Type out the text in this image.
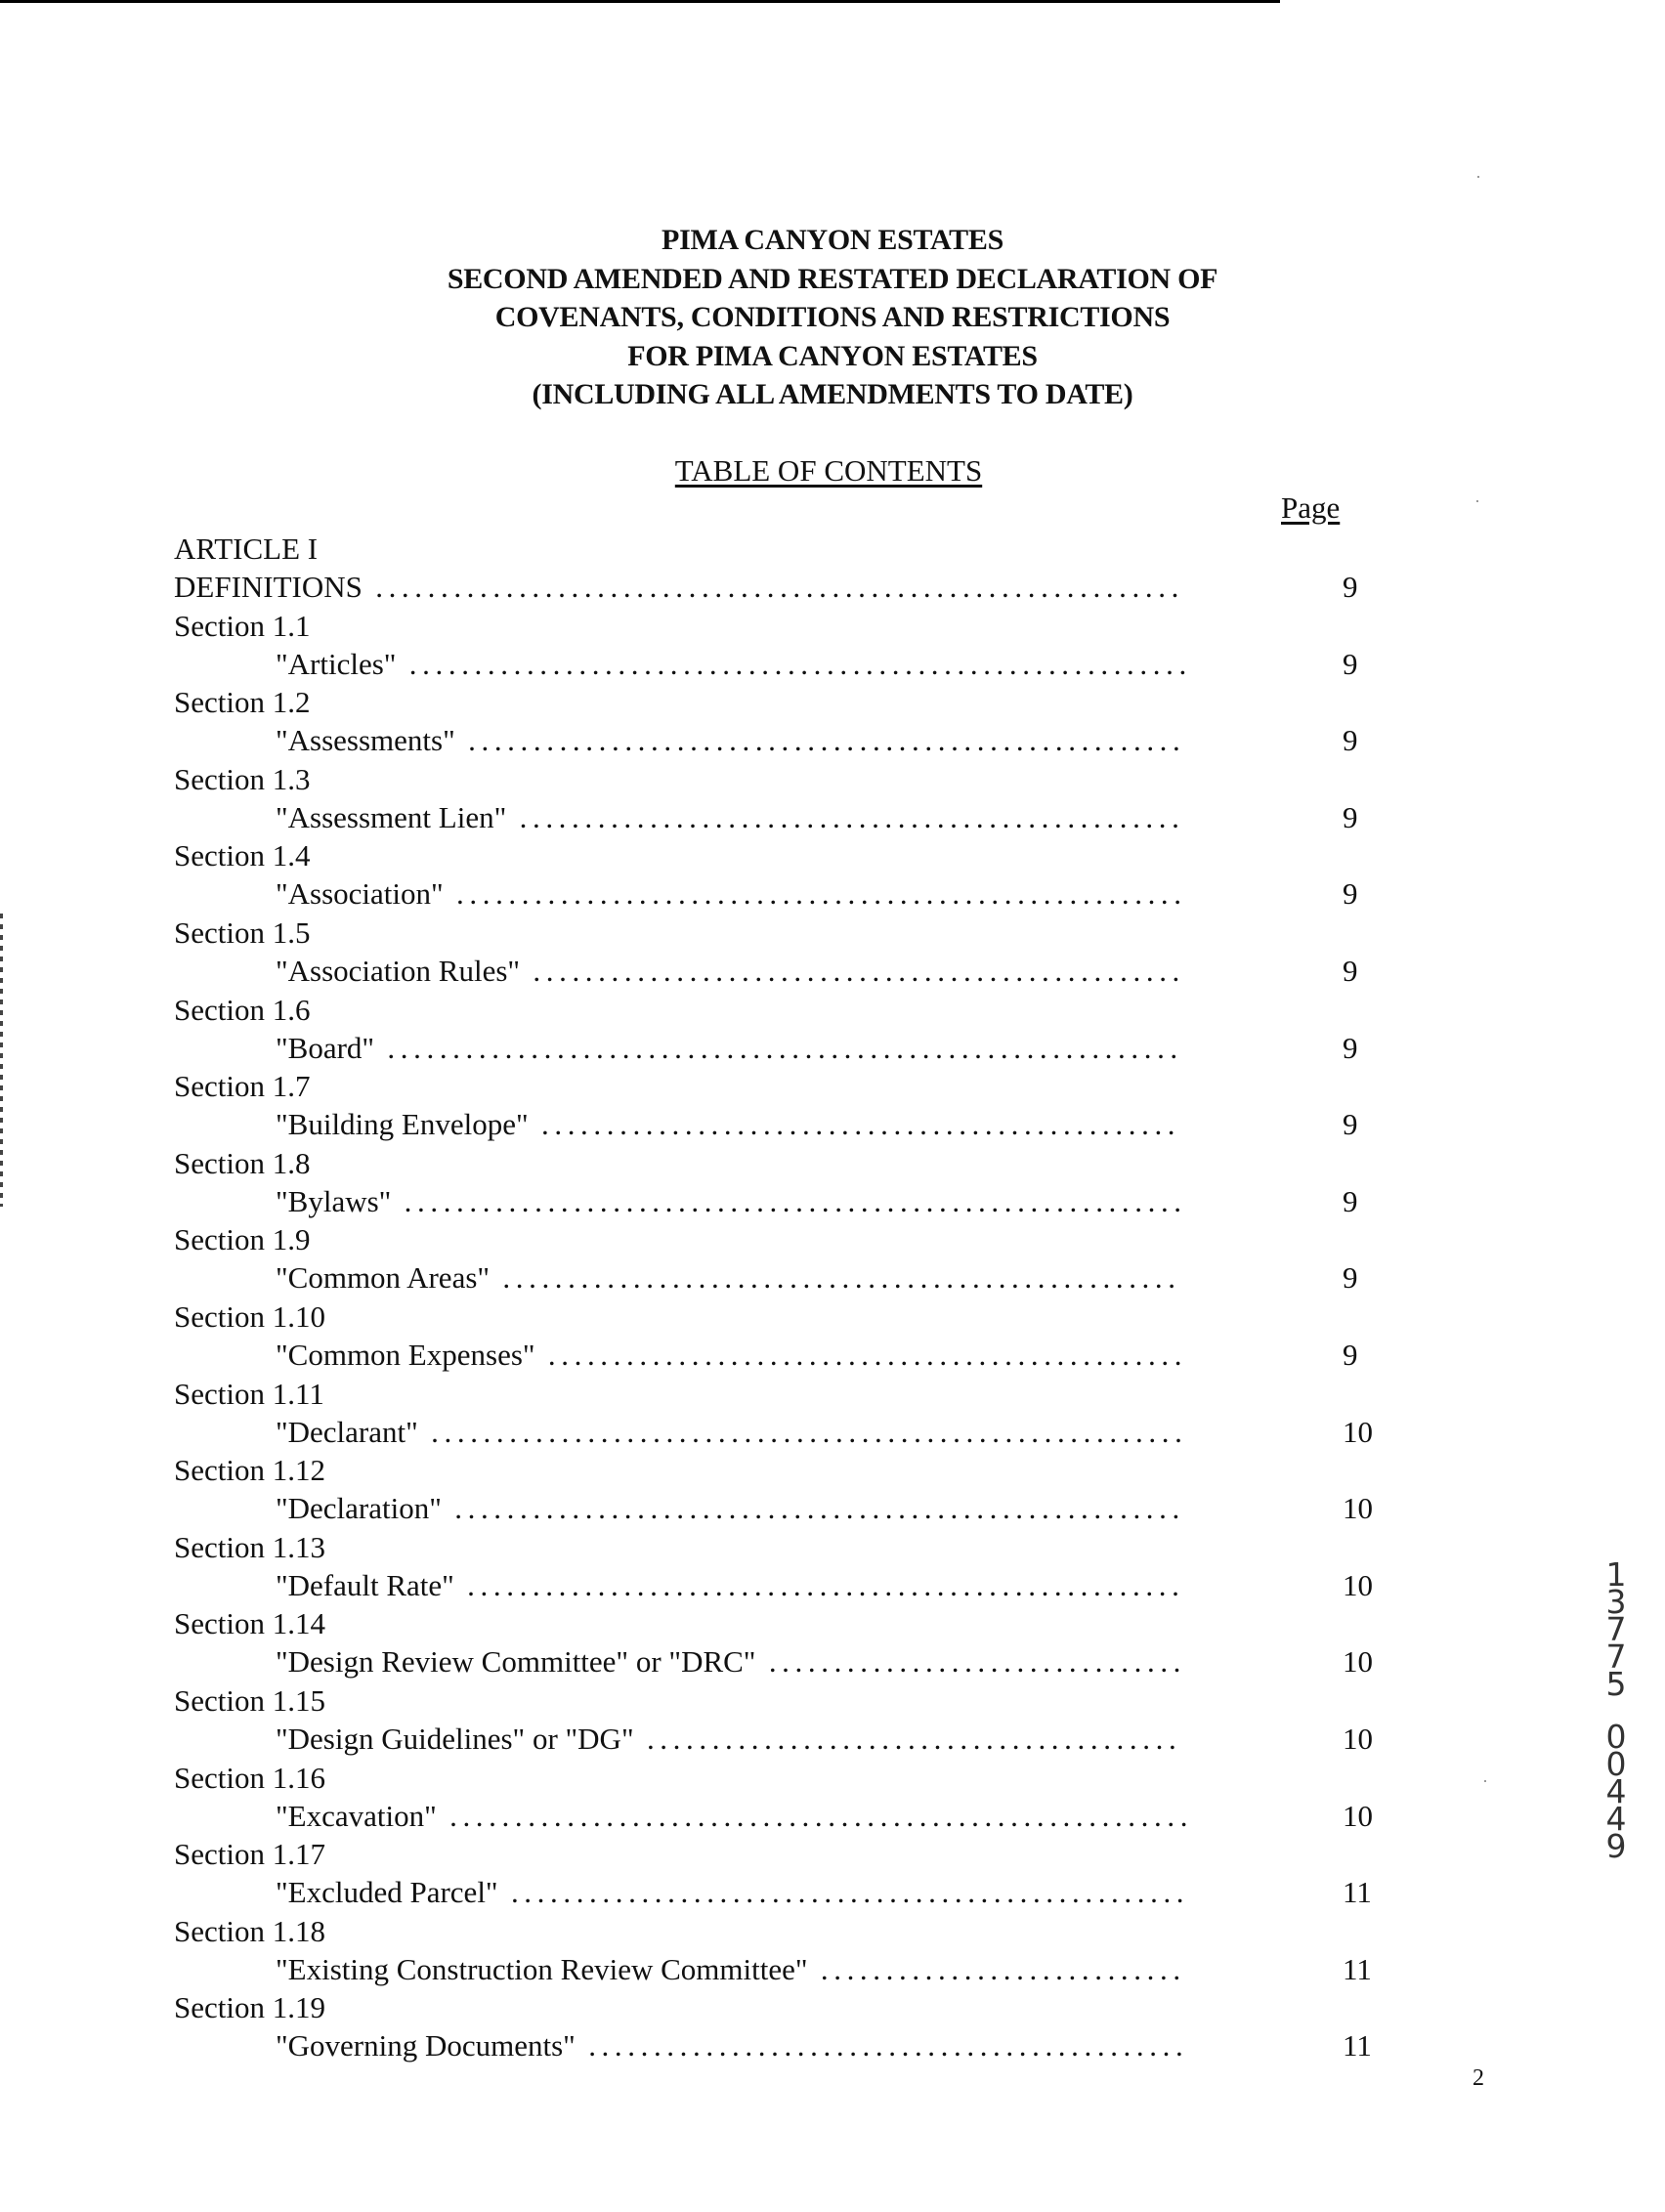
PIMA CANYON ESTATES
SECOND AMENDED AND RESTATED DECLARATION OF
COVENANTS, CONDITIONS AND RESTRICTIONS
FOR PIMA CANYON ESTATES
(INCLUDING ALL AMENDMENTS TO DATE)
TABLE OF CONTENTS
Page
ARTICLE I
DEFINITIONS ..............................................................	9
Section 1.1
"Articles" ............................................................	9
Section 1.2
"Assessments" .......................................................	9
Section 1.3
"Assessment Lien" ...................................................	9
Section 1.4
"Association" ........................................................	9
Section 1.5
"Association Rules" ..................................................	9
Section 1.6
"Board" .............................................................	9
Section 1.7
"Building Envelope" .................................................	9
Section 1.8
"Bylaws" ............................................................	9
Section 1.9
"Common Areas" ....................................................	9
Section 1.10
"Common Expenses" .................................................	9
Section 1.11
"Declarant" ..........................................................	10
Section 1.12
"Declaration" ........................................................	10
Section 1.13
"Default Rate" .......................................................	10
Section 1.14
"Design Review Committee" or "DRC" ................................	10
Section 1.15
"Design Guidelines" or "DG" .........................................	10
Section 1.16
"Excavation" .........................................................	10
Section 1.17
"Excluded Parcel" ....................................................	11
Section 1.18
"Existing Construction Review Committee" ............................	11
Section 1.19
"Governing Documents" ..............................................	11
1
3
7
7
5
0
0
4
4
9
2
